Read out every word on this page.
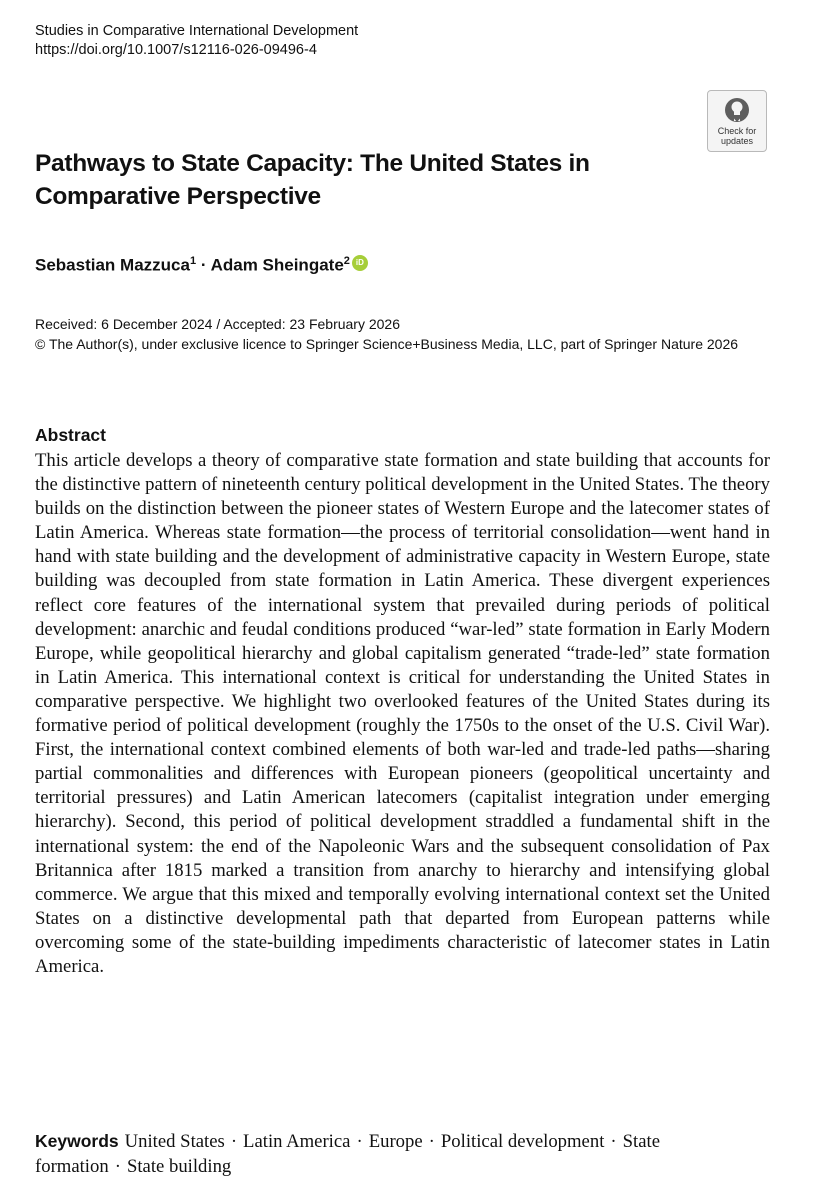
Studies in Comparative International Development
https://doi.org/10.1007/s12116-026-09496-4
Check for
updates
Pathways to State Capacity: The United States in Comparative Perspective
Sebastian Mazzuca$^1$ · Adam Sheingate$^2$ iD
Received: 6 December 2024 / Accepted: 23 February 2026
© The Author(s), under exclusive licence to Springer Science+Business Media, LLC, part of Springer Nature 2026
Abstract

This article develops a theory of comparative state formation and state building that accounts for the distinctive pattern of nineteenth century political development in the United States. The theory builds on the distinction between the pioneer states of Western Europe and the latecomer states of Latin America. Whereas state formation—the process of territorial consolidation—went hand in hand with state building and the development of administrative capacity in Western Europe, state building was decoupled from state formation in Latin America. These divergent experiences reflect core features of the international system that prevailed during periods of political development: anarchic and feudal conditions produced “war-led” state formation in Early Modern Europe, while geopolitical hierarchy and global capitalism generated “trade-led” state formation in Latin America. This international context is critical for understanding the United States in comparative perspective. We highlight two overlooked features of the United States during its formative period of political development (roughly the 1750s to the onset of the U.S. Civil War). First, the international context combined elements of both war-led and trade-led paths—sharing partial commonalities and differences with European pioneers (geopolitical uncertainty and territorial pressures) and Latin American latecomers (capitalist integration under emerging hierarchy). Second, this period of political development straddled a fundamental shift in the international system: the end of the Napoleonic Wars and the subsequent consolidation of Pax Britannica after 1815 marked a transition from anarchy to hierarchy and intensifying global commerce. We argue that this mixed and temporally evolving international context set the United States on a distinctive developmental path that departed from European patterns while overcoming some of the state-building impediments characteristic of latecomer states in Latin America.

Keywords United States · Latin America · Europe · Political development · State formation · State building
